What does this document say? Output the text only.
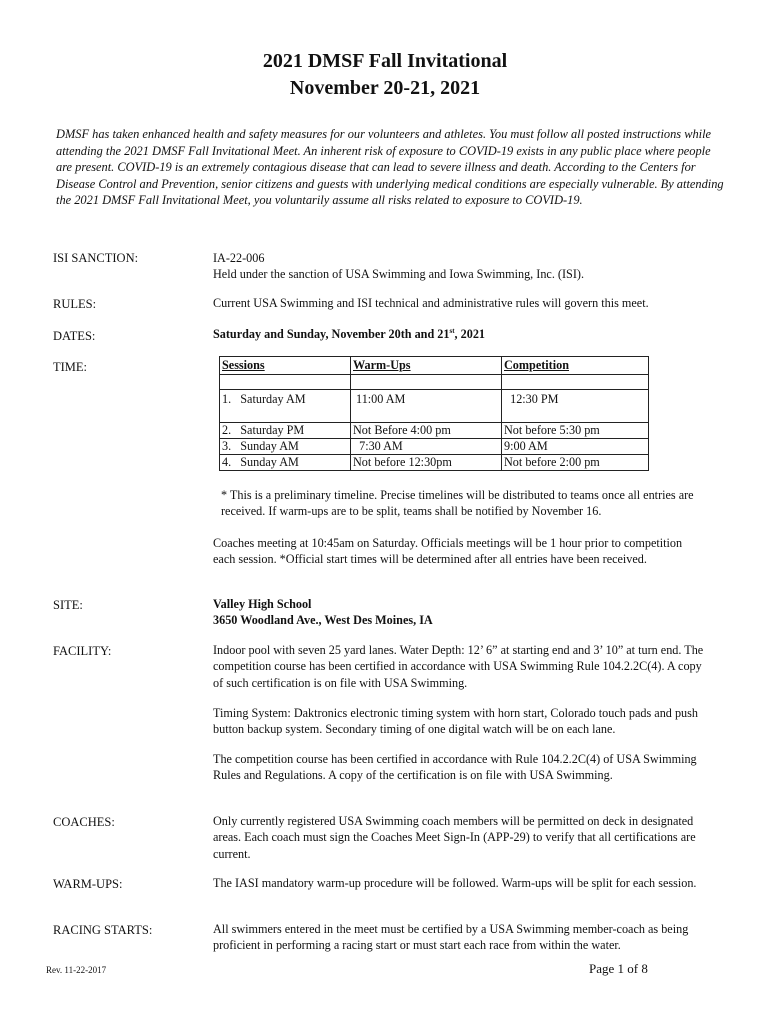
2021 DMSF Fall Invitational
November 20-21, 2021

DMSF has taken enhanced health and safety measures for our volunteers and athletes. You must follow all posted instructions while attending the 2021 DMSF Fall Invitational Meet. An inherent risk of exposure to COVID-19 exists in any public place where people are present. COVID-19 is an extremely contagious disease that can lead to severe illness and death. According to the Centers for Disease Control and Prevention, senior citizens and guests with underlying medical conditions are especially vulnerable. By attending the 2021 DMSF Fall Invitational Meet, you voluntarily assume all risks related to exposure to COVID-19.

ISI SANCTION:	IA-22-006

Held under the sanction of USA Swimming and Iowa Swimming, Inc. (ISI).

RULES:	Current USA Swimming and ISI technical and administrative rules will govern this meet.
DATES:	Saturday and Sunday, November 20th and 21st, 2021
TIME:	Sessions	Warm-Ups	Competition

1. Saturday AM	11:00 AM	12:30 PM
2. Saturday PM	Not Before 4:00 pm	Not before 5:30 pm
3. Sunday AM	7:30 AM	9:00 AM
4. Sunday AM	Not before 12:30pm	Not before 2:00 pm
* This is a preliminary timeline. Precise timelines will be distributed to teams once all entries are received. If warm-ups are to be split, teams shall be notified by November 16.
Coaches meeting at 10:45am on Saturday. Officials meetings will be 1 hour prior to competition each session. *Official start times will be determined after all entries have been received.
SITE:	Valley High School

3650 Woodland Ave., West Des Moines, IA

FACILITY:	Indoor pool with seven 25 yard lanes. Water Depth: 12’ 6” at starting end and 3’ 10” at turn end. The competition course has been certified in accordance with USA Swimming Rule 104.2.2C(4). A copy of such certification is on file with USA Swimming.
Timing System: Daktronics electronic timing system with horn start, Colorado touch pads and push button backup system. Secondary timing of one digital watch will be on each lane.
The competition course has been certified in accordance with Rule 104.2.2C(4) of USA Swimming Rules and Regulations. A copy of the certification is on file with USA Swimming.
COACHES:	Only currently registered USA Swimming coach members will be permitted on deck in designated areas. Each coach must sign the Coaches Meet Sign-In (APP-29) to verify that all certifications are current.
WARM-UPS:	The IASI mandatory warm-up procedure will be followed. Warm-ups will be split for each session.
RACING STARTS:	All swimmers entered in the meet must be certified by a USA Swimming member-coach as being proficient in performing a racing start or must start each race from within the water.
Rev. 11-22-2017	Page 1 of 8
